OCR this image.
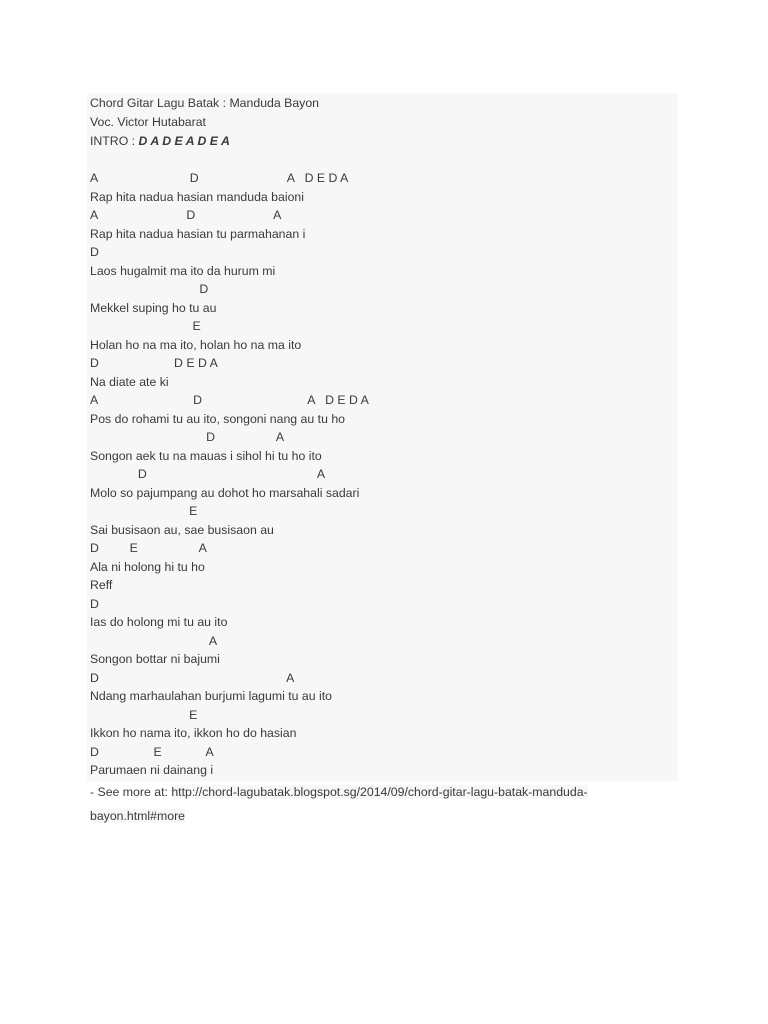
Chord Gitar Lagu Batak : Manduda Bayon

Voc. Victor Hutabarat

INTRO : D A D E A D E A

A                           D                          A   D E D A

Rap hita nadua hasian manduda baioni

A                          D                       A

Rap hita nadua hasian tu parmahanan i

D

Laos hugalmit ma ito da hurum mi

D

Mekkel suping ho tu au

E

Holan ho na ma ito, holan ho na ma ito

D                      D E D A

Na diate ate ki

A                            D                               A   D E D A

Pos do rohami tu au ito, songoni nang au tu ho

D                  A

Songon aek tu na mauas i sihol hi tu ho ito

D                                                  A

Molo so pajumpang au dohot ho marsahali sadari

E

Sai busisaon au, sae busisaon au

D         E                  A

Ala ni holong hi tu ho

Reff

D

Ias do holong mi tu au ito

A

Songon bottar ni bajumi

D                                                       A

Ndang marhaulahan burjumi lagumi tu au ito

E

Ikkon ho nama ito, ikkon ho do hasian

D                E             A

Parumaen ni dainang i

- See more at: http://chord-lagubatak.blogspot.sg/2014/09/chord-gitar-lagu-batak-manduda-
bayon.html#more
